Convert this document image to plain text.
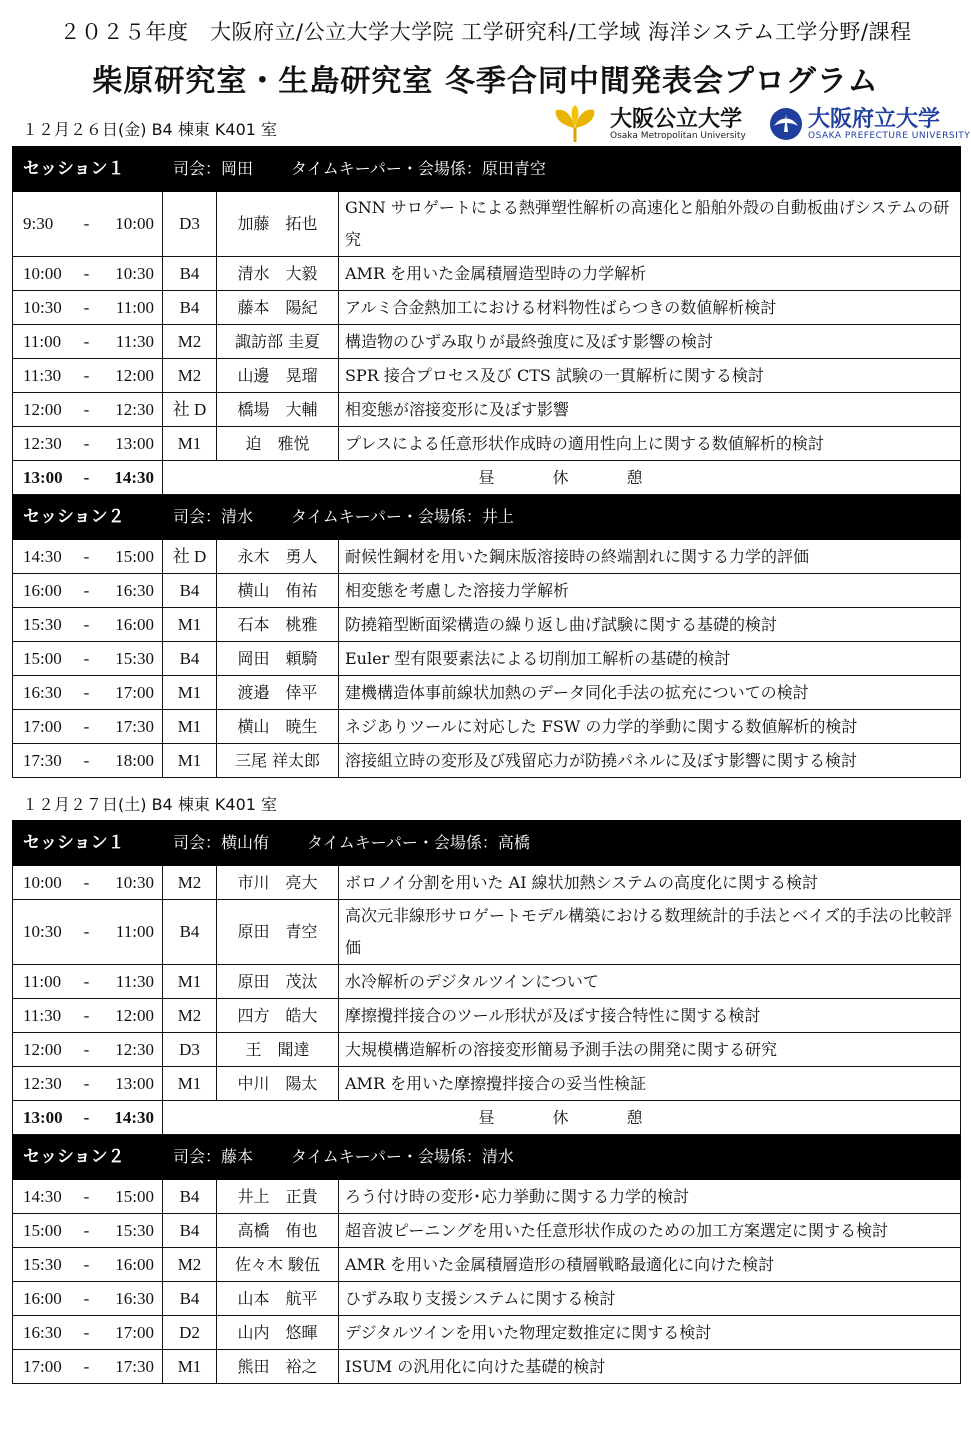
２０２５年度　大阪府立/公立大学大学院 工学研究科/工学域 海洋システム工学分野/課程
柴原研究室・生島研究室 冬季合同中間発表会プログラム
１２月２６日(金) B4 棟東 K401 室	大阪公立大学
Osaka Metropolitan University
大阪府立大学
OSAKA PREFECTURE UNIVERSITY
セッション１ 司会：岡田 タイムキーパー・会場係：原田青空				
9:30	- 10:00	D3	加藤　拓也	GNN サロゲートによる熱弾塑性解析の高速化と船舶外殻の自動板曲げシステムの研究
10:00	- 10:30	B4	清水　大毅	AMR を用いた金属積層造型時の力学解析
10:30	- 11:00	B4	藤本　陽紀	アルミ合金熱加工における材料物性ばらつきの数値解析検討
11:00	- 11:30	M2	諏訪部 圭夏	構造物のひずみ取りが最終強度に及ぼす影響の検討
11:30	- 12:00	M2	山邊　晃瑠	SPR 接合プロセス及び CTS 試験の一貫解析に関する検討
12:00	- 12:30	社 D	橋場　大輔	相変態が溶接変形に及ぼす影響
12:30	- 13:00	M1	迫　雅悦	プレスによる任意形状作成時の適用性向上に関する数値解析的検討
13:00	- 14:30	昼 休 憩		
セッション２ 司会：清水 タイムキーパー・会場係：井上				
14:30	- 15:00	社 D	永木　勇人	耐候性鋼材を用いた鋼床版溶接時の終端割れに関する力学的評価
16:00	- 16:30	B4	横山　侑祐	相変態を考慮した溶接力学解析
15:30	- 16:00	M1	石本　桃雅	防撓箱型断面梁構造の繰り返し曲げ試験に関する基礎的検討
15:00	- 15:30	B4	岡田　頼騎	Euler 型有限要素法による切削加工解析の基礎的検討
16:30	- 17:00	M1	渡邉　倖平	建機構造体事前線状加熱のデータ同化手法の拡充についての検討
17:00	- 17:30	M1	横山　暁生	ネジありツールに対応した FSW の力学的挙動に関する数値解析的検討
17:30	- 18:00	M1	三尾 祥太郎	溶接組立時の変形及び残留応力が防撓パネルに及ぼす影響に関する検討
１２月２７日(土) B4 棟東 K401 室
セッション１ 司会：横山侑 タイムキーパー・会場係：高橋				
10:00	- 10:30	M2	市川　亮大	ボロノイ分割を用いた AI 線状加熱システムの高度化に関する検討
10:30	- 11:00	B4	原田　青空	高次元非線形サロゲートモデル構築における数理統計的手法とベイズ的手法の比較評価
11:00	- 11:30	M1	原田　茂汰	水冷解析のデジタルツインについて
11:30	- 12:00	M2	四方　皓大	摩擦攪拌接合のツール形状が及ぼす接合特性に関する検討
12:00	- 12:30	D3	王　聞達	大規模構造解析の溶接変形簡易予測手法の開発に関する研究
12:30	- 13:00	M1	中川　陽太	AMR を用いた摩擦攪拌接合の妥当性検証
13:00	- 14:30	昼 休 憩		
セッション２ 司会：藤本 タイムキーパー・会場係：清水				
14:30	- 15:00	B4	井上　正貴	ろう付け時の変形･応力挙動に関する力学的検討
15:00	- 15:30	B4	高橋　侑也	超音波ピーニングを用いた任意形状作成のための加工方案選定に関する検討
15:30	- 16:00	M2	佐々木 駿伍	AMR を用いた金属積層造形の積層戦略最適化に向けた検討
16:00	- 16:30	B4	山本　航平	ひずみ取り支援システムに関する検討
16:30	- 17:00	D2	山内　悠暉	デジタルツインを用いた物理定数推定に関する検討
17:00	- 17:30	M1	熊田　裕之	ISUM の汎用化に向けた基礎的検討
